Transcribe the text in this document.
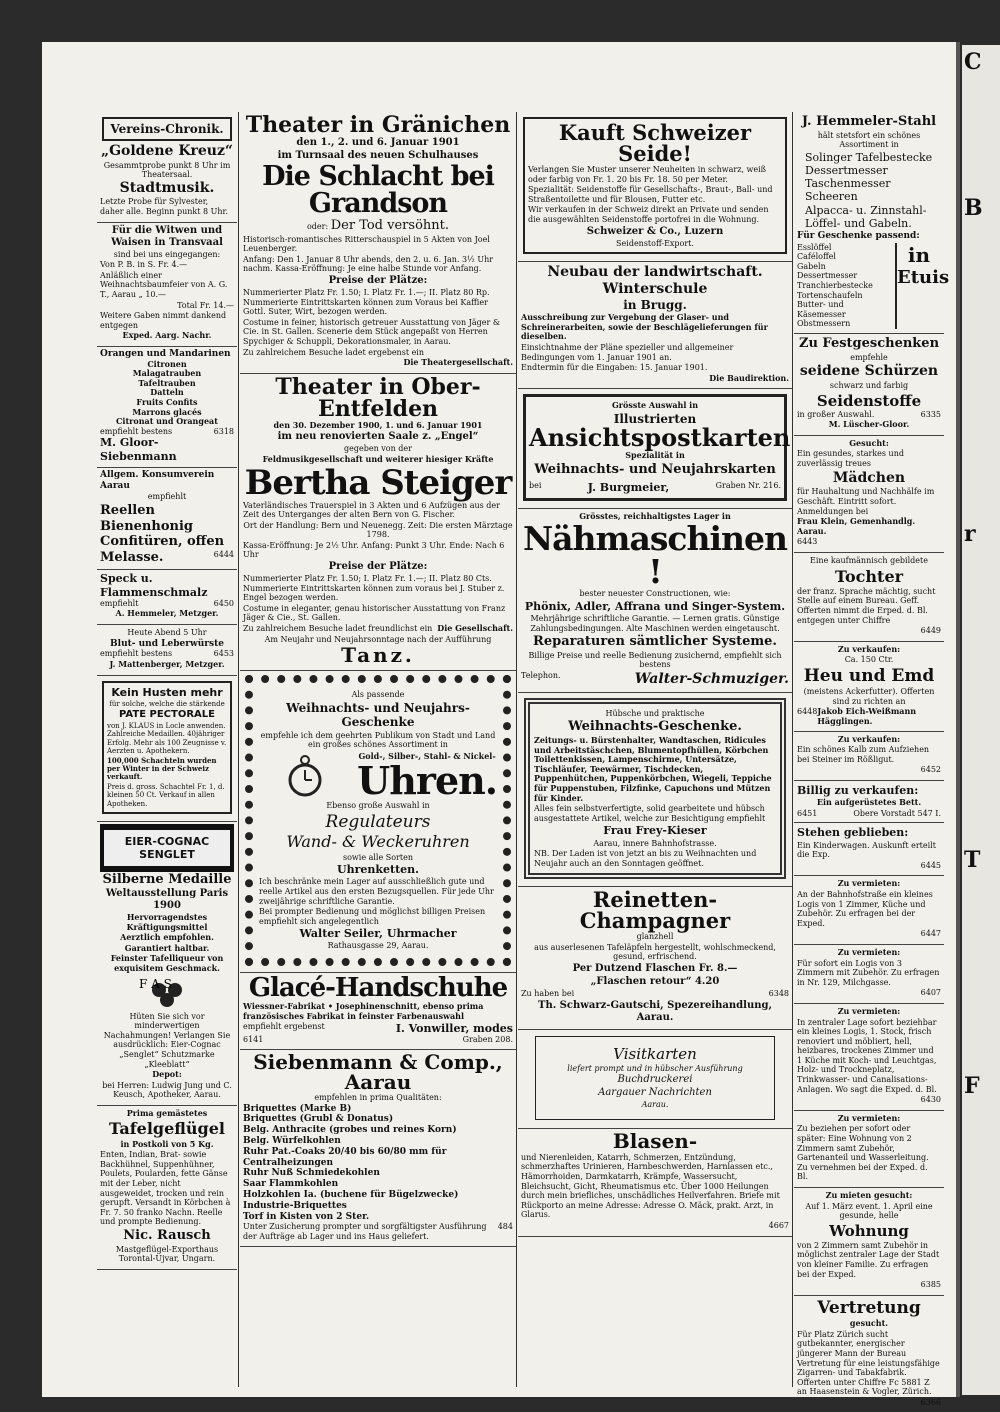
Vereins-Chronik.
„Goldene Kreuz“

Gesammtprobe punkt 8 Uhr im Theatersaal.

Stadtmusik.

Letzte Probe für Sylvester, daher alle. Beginn punkt 8 Uhr.

Für die Witwen und Waisen in Transvaal

sind bei uns eingegangen:

Von P. B. in S. Fr. 4.—

Anläßlich einer Weihnachtsbaumfeier von A. G. T., Aarau „ 10.—

Total Fr. 14.—

Weitere Gaben nimmt dankend entgegen

Exped. Aarg. Nachr.

Orangen und Mandarinen
Citronen
Malagatrauben
Tafeltrauben
Datteln
Fruits Confits
Marrons glacés
Citronat und Orangeat
empfiehlt bestens	6318
M. Gloor-Siebenmann
Allgem. Konsumverein Aarau

empfiehlt

Reellen Bienenhonig
Confitüren, offen
Melasse.	6444
Speck u. Flammenschmalz
empfiehlt	6450

A. Hemmeler, Metzger.

Heute Abend 5 Uhr

Blut- und Leberwürste
empfiehlt bestens	6453

J. Mattenberger, Metzger.

Kein Husten mehr

für solche, welche die stärkende

PATE PECTORALE

von J. KLAUS in Locle anwenden. Zahlreiche Medaillen. 40jähriger Erfolg. Mehr als 100 Zeugnisse v. Aerzten u. Apothekern.

100,000 Schachteln wurden per Winter in der Schweiz verkauft.

Preis d. gross. Schachtel Fr. 1, d. kleinen 50 Ct. Verkauf in allen Apotheken.

EIER-COGNAC SENGLET
Silberne Medaille
Weltausstellung Paris 1900

Hervorragendstes Kräftigungsmittel

Aerztlich empfohlen.

Garantiert haltbar.

Feinster Tafelliqueur von exquisitem Geschmack.

F A S

Hüten Sie sich vor minderwertigen Nachahmungen! Verlangen Sie ausdrücklich: Eier-Cognac „Senglet“ Schutzmarke „Kleeblatt“

Depot:

bei Herren: Ludwig Jung und C. Keusch, Apotheker, Aarau.

Prima gemästetes

Tafelgeflügel

in Postkoli von 5 Kg.

Enten, Indian, Brat- sowie Backhühnel, Suppenhühner, Poulets, Poularden, fette Gänse mit der Leber, nicht ausgeweidet, trocken und rein gerupft. Versandt in Körbchen à Fr. 7. 50 franko Nachn. Reelle und prompte Bedienung.

Nic. Rausch

Mastgeflügel-Exporthaus Torontal-Ujvar, Ungarn.

Theater in Gränichen

den 1., 2. und 6. Januar 1901

im Turnsaal des neuen Schulhauses

Die Schlacht bei Grandson

oder: Der Tod versöhnt.

Historisch-romantisches Ritterschauspiel in 5 Akten von Joel Leuenberger.

Anfang: Den 1. Januar 8 Uhr abends, den 2. u. 6. Jan. 3½ Uhr nachm. Kassa-Eröffnung: Je eine halbe Stunde vor Anfang.

Preise der Plätze:

Nummerierter Platz Fr. 1.50; I. Platz Fr. 1.—; II. Platz 80 Rp. Nummerierte Eintrittskarten können zum Voraus bei Kaffier Gottl. Suter, Wirt, bezogen werden.

Costume in feiner, historisch getreuer Ausstattung von Jäger & Cie. in St. Gallen. Scenerie dem Stück angepaßt von Herren Spychiger & Schuppli, Dekorationsmaler, in Aarau.

Zu zahlreichem Besuche ladet ergebenst ein

Die Theatergesellschaft.

Theater in Ober-Entfelden

den 30. Dezember 1900, 1. und 6. Januar 1901

im neu renovierten Saale z. „Engel“

gegeben von der

Feldmusikgesellschaft und weiterer hiesiger Kräfte

Bertha Steiger

Vaterländisches Trauerspiel in 3 Akten und 6 Aufzügen aus der Zeit des Unterganges der alten Bern von G. Fischer.

Ort der Handlung: Bern und Neuenegg. Zeit: Die ersten Märztage 1798.

Kassa-Eröffnung: Je 2½ Uhr. Anfang: Punkt 3 Uhr. Ende: Nach 6 Uhr

Preise der Plätze:

Nummerierter Platz Fr. 1.50; I. Platz Fr. 1.—; II. Platz 80 Cts. Nummerierte Eintrittskarten können zum voraus bei J. Stuber z. Engel bezogen werden.

Costume in eleganter, genau historischer Ausstattung von Franz Jäger & Cie., St. Gallen.

Zu zahlreichem Besuche ladet freundlichst ein Die Gesellschaft.

Am Neujahr und Neujahrsonntage nach der Aufführung

Tanz.

Als passende

Weihnachts- und Neujahrs-Geschenke

empfehle ich dem geehrten Publikum von Stadt und Land ein großes schönes Assortiment in

Gold-, Silber-, Stahl- & Nickel-

Uhren.

Ebenso große Auswahl in

Regulateurs
Wand- & Weckeruhren

sowie alle Sorten

Uhrenketten.

Ich beschränke mein Lager auf ausschließlich gute und reelle Artikel aus den ersten Bezugsquellen. Für jede Uhr zweijährige schriftliche Garantie.

Bei prompter Bedienung und möglichst billigen Preisen empfiehlt sich angelegentlich

Walter Seiler, Uhrmacher

Rathausgasse 29, Aarau.

Glacé-Handschuhe

Wiessner-Fabrikat • Josephinenschnitt, ebenso prima französisches Fabrikat in feinster Farbenauswahl

empfiehlt ergebenst	I. Vonwiller, modes
6141	Graben 208.
Siebenmann & Comp., Aarau

empfehlen in prima Qualitäten:

Briquettes (Marke B)
Briquettes (Grubl & Donatus)
Belg. Anthracite (grobes und reines Korn)
Belg. Würfelkohlen
Ruhr Pat.-Coaks 20/40 bis 60/80 mm für Centralheizungen
Ruhr Nuß Schmiedekohlen
Saar Flammkohlen
Holzkohlen Ia. (buchene für Bügelzwecke)
Industrie-Briquettes
Torf in Kisten von 2 Ster.
Unter Zusicherung prompter und sorgfältigster Ausführung der Aufträge ab Lager und ins Haus geliefert.
484
Kauft Schweizer Seide!

Verlangen Sie Muster unserer Neuheiten in schwarz, weiß oder farbig von Fr. 1. 20 bis Fr. 18. 50 per Meter.

Spezialität: Seidenstoffe für Gesellschafts-, Braut-, Ball- und Straßentoilette und für Blousen, Futter etc.

Wir verkaufen in der Schweiz direkt an Private und senden die ausgewählten Seidenstoffe portofrei in die Wohnung.

Schweizer & Co., Luzern

Seidenstoff-Export.

Neubau der landwirtschaft. Winterschule
in Brugg.

Ausschreibung zur Vergebung der Glaser- und Schreinerarbeiten, sowie der Beschlägelieferungen für dieselben.

Einsichtnahme der Pläne spezieller und allgemeiner Bedingungen vom 1. Januar 1901 an.

Endtermin für die Eingaben: 15. Januar 1901.

Die Baudirektion.

Grösste Auswahl in

Illustrierten
Ansichtspostkarten

Spezialität in

Weihnachts- und Neujahrskarten
bei	J. Burgmeier,	Graben Nr. 216.

Grösstes, reichhaltigstes Lager in

Nähmaschinen !

bester neuester Constructionen, wie:

Phönix, Adler, Affrana und Singer-System.

Mehrjährige schriftliche Garantie. — Lernen gratis. Günstige Zahlungsbedingungen. Alte Maschinen werden eingetauscht.

Reparaturen sämtlicher Systeme.

Billige Preise und reelle Bedienung zusichernd, empfiehlt sich bestens

Telephon.	Walter-Schmuziger.

Hübsche und praktische

Weihnachts-Geschenke.

Zeitungs- u. Bürstenhalter, Wandtaschen, Ridicules und Arbeitstäschchen, Blumentopfhüllen, Körbchen Toilettenkissen, Lampenschirme, Untersätze, Tischläufer, Teewärmer, Tischdecken, Puppenhütchen, Puppenkörbchen, Wiegeli, Teppiche für Puppenstuben, Filzfinke, Capuchons und Mützen für Kinder.

Alles fein selbstverfertigte, solid gearbeitete und hübsch ausgestattete Artikel, welche zur Besichtigung empfiehlt

Frau Frey-Kieser

Aarau, innere Bahnhofstrasse.

NB. Der Laden ist von jetzt an bis zu Weihnachten und Neujahr auch an den Sonntagen geöffnet.

Reinetten-Champagner

glanzhell

aus auserlesenen Tafeläpfeln hergestellt, wohlschmeckend, gesund, erfrischend.

Per Dutzend Flaschen Fr. 8.—

„Flaschen retour“ 4.20

Zu haben bei	6348

Th. Schwarz-Gautschi, Spezereihandlung, Aarau.

Visitkarten

liefert prompt und in hübscher Ausführung

Buchdruckerei

Aargauer Nachrichten

Aarau.

Blasen-

und Nierenleiden, Katarrh, Schmerzen, Entzündung, schmerzhaftes Urinieren, Harnbeschwerden, Harnlassen etc., Hämorrhoiden, Darmkatarrh, Krämpfe, Wassersucht, Bleichsucht, Gicht, Rheumatismus etc. Über 1000 Heilungen durch mein briefliches, unschädliches Heilverfahren. Briefe mit Rückporto an meine Adresse: Adresse O. Mäck, prakt. Arzt, in Glarus.

4667

J. Hemmeler-Stahl

hält stetsfort ein schönes Assortiment in

Solinger Tafelbestecke
Dessertmesser
Taschenmesser
Scheeren
Alpacca- u. Zinnstahl-
Löffel- und Gabeln.

Für Geschenke passend:

Esslöffel
Caféloffel
Gabeln
Dessertmesser
Tranchierbestecke
Tortenschaufeln
Butter- und
Käsemesser
Obstmessern
in
Etuis
Zu Festgeschenken

empfehle

seidene Schürzen

schwarz und farbig

Seidenstoffe
in großer Auswahl.	6335

M. Lüscher-Gloor.

Gesucht:

Ein gesundes, starkes und zuverlässig treues

Mädchen

für Hauhaltung und Nachhälfe im Geschäft. Eintritt sofort. Anmeldungen bei

Frau Klein, Gemenhandlg. Aarau.

6443

Eine kaufmännisch gebildete

Tochter

der franz. Sprache mächtig, sucht Stelle auf einem Bureau. Geff. Offerten nimmt die Erped. d. Bl. entgegen unter Chiffre

6449

Zu verkaufen:

Ca. 150 Ctr.

Heu und Emd

(meistens Ackerfutter). Offerten sind zu richten an

6448 Jakob Eich-Weißmann Hägglingen.

Zu verkaufen:

Ein schönes Kalb zum Aufziehen bei Steiner im Rößligut.

6452

Billig zu verkaufen:

Ein aufgerüstetes Bett.

6451	Obere Vorstadt 547 I.

Stehen geblieben:

Ein Kinderwagen. Auskunft erteilt die Exp.

6445

Zu vermieten:

An der Bahnhofstraße ein kleines Logis von 1 Zimmer, Küche und Zubehör. Zu erfragen bei der Exped.

6447

Zu vermieten:

Für sofort ein Logis von 3 Zimmern mit Zubehör. Zu erfragen in Nr. 129, Milchgasse.

6407

Zu vermieten:

In zentraler Lage sofort beziehbar ein kleines Logis, 1. Stock, frisch renoviert und möbliert, hell, heizbares, trockenes Zimmer und 1 Küche mit Koch- und Leuchtgas, Holz- und Trockneplatz, Trinkwasser- und Canalisations-Anlagen. Wo sagt die Exped. d. Bl.

6430

Zu vermieten:

Zu beziehen per sofort oder später: Eine Wohnung von 2 Zimmern samt Zubehör, Gartenanteil und Wasserleitung. Zu vernehmen bei der Exped. d. Bl.

Zu mieten gesucht:

Auf 1. März event. 1. April eine gesunde, helle

Wohnung

von 2 Zimmern samt Zubehör in möglichst zentraler Lage der Stadt von kleiner Familie. Zu erfragen bei der Exped.

6385

Vertretung

gesucht.

Für Platz Zürich sucht gutbekannter, energischer jüngerer Mann der Bureau Vertretung für eine leistungsfähige Zigarren- und Tabakfabrik. Offerten unter Chiffre Fc 5881 Z an Haasenstein & Vogler, Zürich.

6366

C
B
r
T
F
